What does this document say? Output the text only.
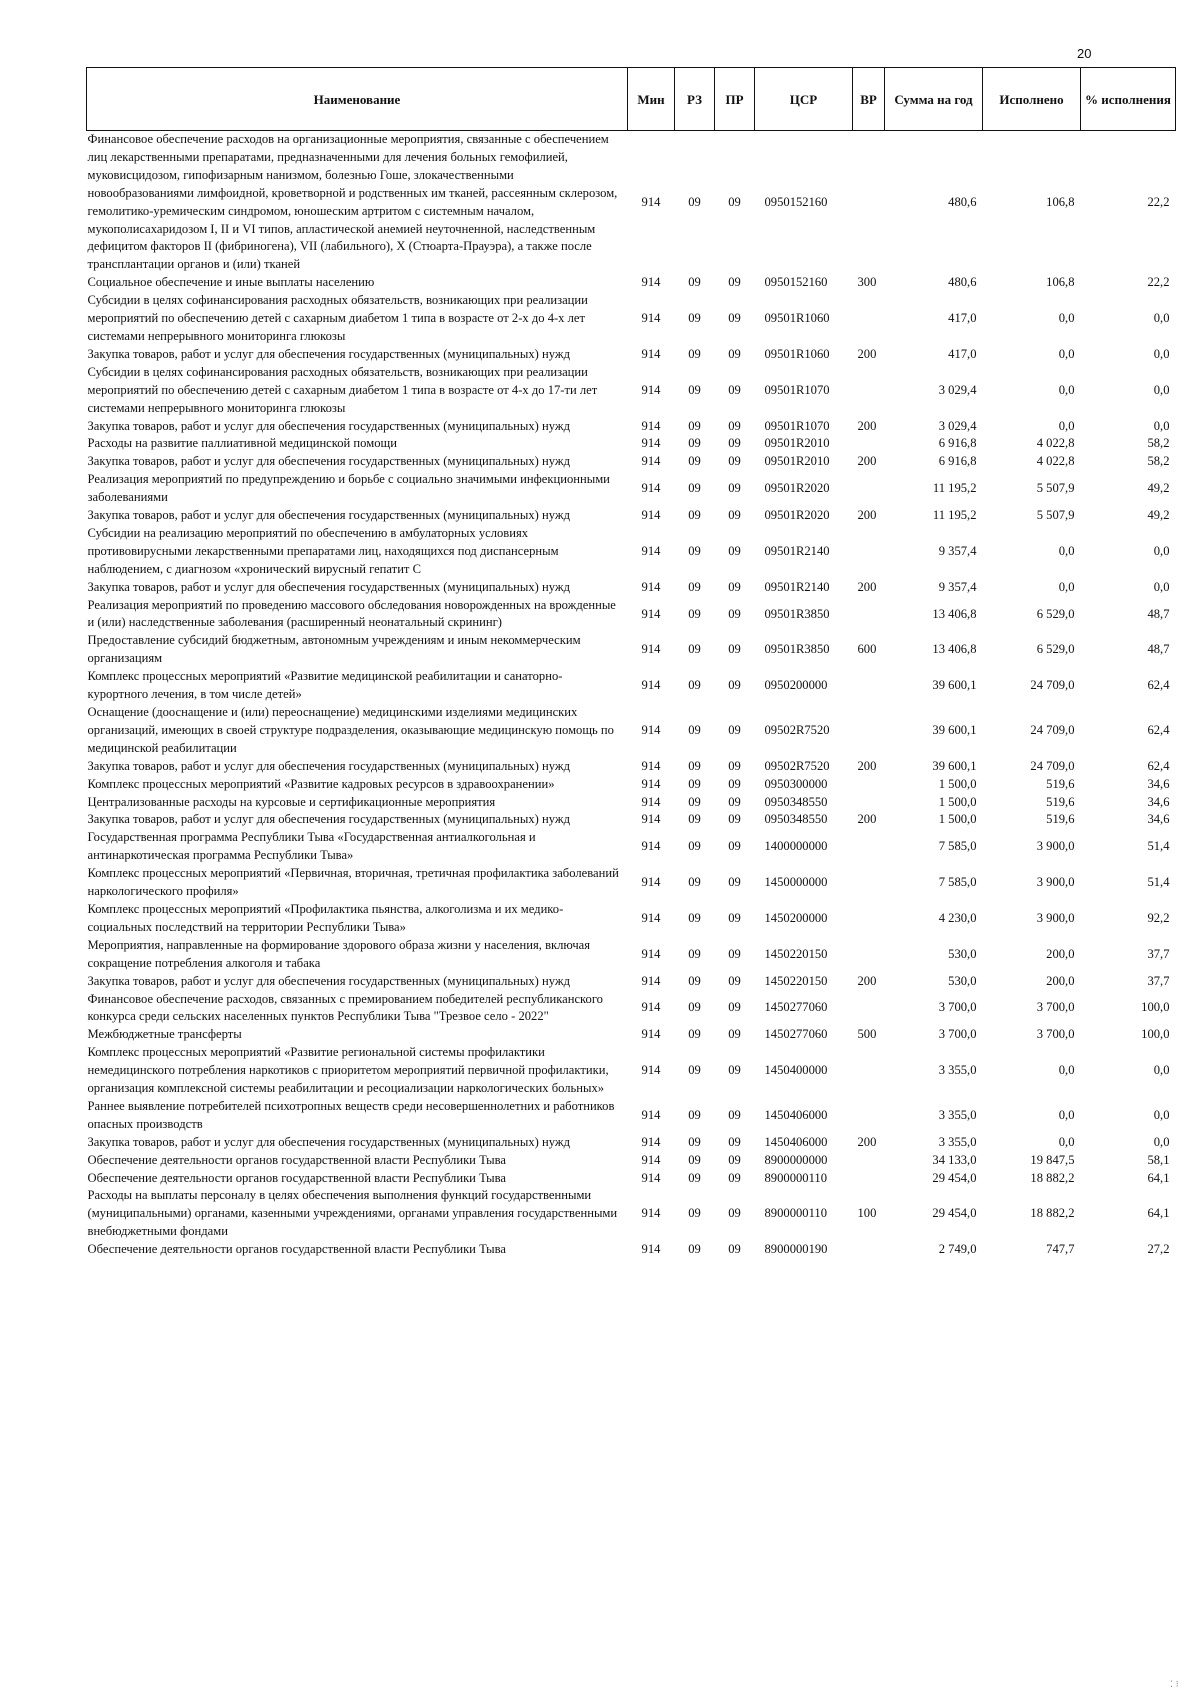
20
Наименование	Мин	РЗ	ПР	ЦСР	ВР	Сумма на год	Исполнено	% исполнения
Финансовое обеспечение расходов на организационные мероприятия, связанные с обеспечением лиц лекарственными препаратами, предназначенными для лечения больных гемофилией, муковисцидозом, гипофизарным нанизмом, болезнью Гоше, злокачественными новообразованиями лимфоидной, кроветворной и родственных им тканей, рассеянным склерозом, гемолитико-уремическим синдромом, юношеским артритом с системным началом, мукополисахаридозом I, II и VI типов, апластической анемией неуточненной, наследственным дефицитом факторов II (фибриногена), VII (лабильного), X (Стюарта-Прауэра), а также после трансплантации органов и (или) тканей	914	09	09	0950152160		480,6	106,8	22,2
Социальное обеспечение и иные выплаты населению	914	09	09	0950152160	300	480,6	106,8	22,2
Субсидии в целях софинансирования расходных обязательств, возникающих при реализации мероприятий по обеспечению детей с сахарным диабетом 1 типа в возрасте от 2-х до 4-х лет системами непрерывного мониторинга глюкозы	914	09	09	09501R1060		417,0	0,0	0,0
Закупка товаров, работ и услуг для обеспечения государственных (муниципальных) нужд	914	09	09	09501R1060	200	417,0	0,0	0,0
Субсидии в целях софинансирования расходных обязательств, возникающих при реализации мероприятий по обеспечению детей с сахарным диабетом 1 типа в возрасте от 4-х до 17-ти лет системами непрерывного мониторинга глюкозы	914	09	09	09501R1070		3 029,4	0,0	0,0
Закупка товаров, работ и услуг для обеспечения государственных (муниципальных) нужд	914	09	09	09501R1070	200	3 029,4	0,0	0,0
Расходы на развитие паллиативной медицинской помощи	914	09	09	09501R2010		6 916,8	4 022,8	58,2
Закупка товаров, работ и услуг для обеспечения государственных (муниципальных) нужд	914	09	09	09501R2010	200	6 916,8	4 022,8	58,2
Реализация мероприятий по предупреждению и борьбе с социально значимыми инфекционными заболеваниями	914	09	09	09501R2020		11 195,2	5 507,9	49,2
Закупка товаров, работ и услуг для обеспечения государственных (муниципальных) нужд	914	09	09	09501R2020	200	11 195,2	5 507,9	49,2
Субсидии на реализацию мероприятий по обеспечению в амбулаторных условиях противовирусными лекарственными препаратами лиц, находящихся под диспансерным наблюдением, с диагнозом «хронический вирусный гепатит С	914	09	09	09501R2140		9 357,4	0,0	0,0
Закупка товаров, работ и услуг для обеспечения государственных (муниципальных) нужд	914	09	09	09501R2140	200	9 357,4	0,0	0,0
Реализация мероприятий по проведению массового обследования новорожденных на врожденные и (или) наследственные заболевания (расширенный неонатальный скрининг)	914	09	09	09501R3850		13 406,8	6 529,0	48,7
Предоставление субсидий бюджетным, автономным учреждениям и иным некоммерческим организациям	914	09	09	09501R3850	600	13 406,8	6 529,0	48,7
Комплекс процессных мероприятий «Развитие медицинской реабилитации и санаторно-курортного лечения, в том числе детей»	914	09	09	0950200000		39 600,1	24 709,0	62,4
Оснащение (дооснащение и (или) переоснащение) медицинскими изделиями медицинских организаций, имеющих в своей структуре подразделения, оказывающие медицинскую помощь по медицинской реабилитации	914	09	09	09502R7520		39 600,1	24 709,0	62,4
Закупка товаров, работ и услуг для обеспечения государственных (муниципальных) нужд	914	09	09	09502R7520	200	39 600,1	24 709,0	62,4
Комплекс процессных мероприятий «Развитие кадровых ресурсов в здравоохранении»	914	09	09	0950300000		1 500,0	519,6	34,6
Централизованные расходы на курсовые и сертификационные мероприятия	914	09	09	0950348550		1 500,0	519,6	34,6
Закупка товаров, работ и услуг для обеспечения государственных (муниципальных) нужд	914	09	09	0950348550	200	1 500,0	519,6	34,6
Государственная программа Республики Тыва «Государственная антиалкогольная и антинаркотическая программа Республики Тыва»	914	09	09	1400000000		7 585,0	3 900,0	51,4
Комплекс процессных мероприятий «Первичная, вторичная, третичная профилактика заболеваний наркологического профиля»	914	09	09	1450000000		7 585,0	3 900,0	51,4
Комплекс процессных мероприятий «Профилактика пьянства, алкоголизма и их медико-социальных последствий на территории Республики Тыва»	914	09	09	1450200000		4 230,0	3 900,0	92,2
Мероприятия, направленные на формирование здорового образа жизни у населения, включая сокращение потребления алкоголя и табака	914	09	09	1450220150		530,0	200,0	37,7
Закупка товаров, работ и услуг для обеспечения государственных (муниципальных) нужд	914	09	09	1450220150	200	530,0	200,0	37,7
Финансовое обеспечение расходов, связанных с премированием победителей республиканского конкурса среди сельских населенных пунктов Республики Тыва "Трезвое село - 2022"	914	09	09	1450277060		3 700,0	3 700,0	100,0
Межбюджетные трансферты	914	09	09	1450277060	500	3 700,0	3 700,0	100,0
Комплекс процессных мероприятий «Развитие региональной системы профилактики немедицинского потребления наркотиков с приоритетом мероприятий первичной профилактики, организация комплексной системы реабилитации и ресоциализации наркологических больных»	914	09	09	1450400000		3 355,0	0,0	0,0
Раннее выявление потребителей психотропных веществ среди несовершеннолетних и работников опасных производств	914	09	09	1450406000		3 355,0	0,0	0,0
Закупка товаров, работ и услуг для обеспечения государственных (муниципальных) нужд	914	09	09	1450406000	200	3 355,0	0,0	0,0
Обеспечение деятельности органов государственной власти Республики Тыва	914	09	09	8900000000		34 133,0	19 847,5	58,1
Обеспечение деятельности органов государственной власти Республики Тыва	914	09	09	8900000110		29 454,0	18 882,2	64,1
Расходы на выплаты персоналу в целях обеспечения выполнения функций государственными (муниципальными) органами, казенными учреждениями, органами управления государственными внебюджетными фондами	914	09	09	8900000110	100	29 454,0	18 882,2	64,1
Обеспечение деятельности органов государственной власти Республики Тыва	914	09	09	8900000190		2 749,0	747,7	27,2
⁚ ⁝
